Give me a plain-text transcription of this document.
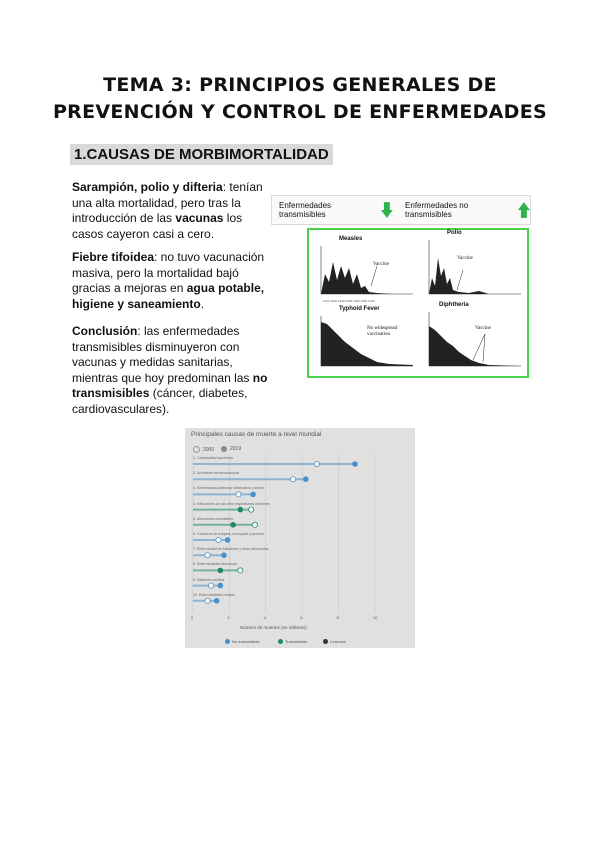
TEMA 3: PRINCIPIOS GENERALES DE
PREVENCIÓN Y CONTROL DE ENFERMEDADES
1.CAUSAS DE MORBIMORTALIDAD
Sarampión, polio y difteria: tenían una alta mortalidad, pero tras la introducción de las vacunas los casos cayeron casi a cero.
Fiebre tifoidea: no tuvo vacunación masiva, pero la mortalidad bajó gracias a mejoras en agua potable, higiene y saneamiento.
Conclusión: las enfermedades transmisibles disminuyeron con vacunas y medidas sanitarias, mientras que hoy predominan las no transmisibles (cáncer, diabetes, cardiovasculares).
Enfermedades transmisibles
Enfermedades no transmisibles
Measles
1912 1920 1930 1940 1950 1960 1970
Vaccine
Polio
Vaccine
Typhoid Fever
No widespread vaccination
Diphtheria
Vaccine
Principales causas de muerte a nivel mundial
2000	2019
1. Cardiopatía isquémica
2. Accidente cerebrovascular
3. Enfermedad pulmonar obstructiva crónica
4. Infecciones de las vías respiratorias inferiores
5. Afecciones neonatales
6. Cánceres de tráquea, bronquios y pulmón
7. Enfermedad de Alzheimer y otras demencias
8. Enfermedades diarreicas
9. Diabetes mellitus
10. Enfermedades renales
0	2	4	6	8	10
Número de muertes (en millones)
No transmisible	Transmisible	Lesiones
